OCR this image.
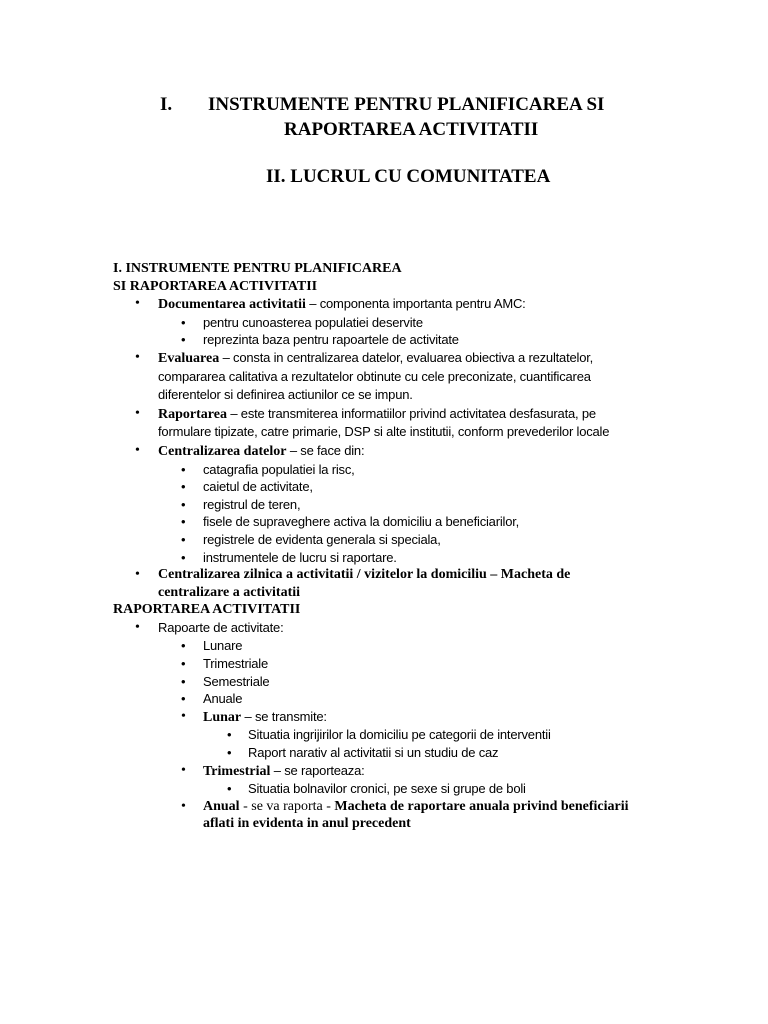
I. INSTRUMENTE PENTRU PLANIFICAREA SI
RAPORTAREA ACTIVITATII
II. LUCRUL CU COMUNITATEA

I. INSTRUMENTE PENTRU PLANIFICAREA

SI RAPORTAREA ACTIVITATII

• Documentarea activitatii – componenta importanta pentru AMC:
• pentru cunoasterea populatiei deservite
• reprezinta baza pentru rapoartele de activitate
• Evaluarea – consta in centralizarea datelor, evaluarea obiectiva a rezultatelor, compararea calitativa a rezultatelor obtinute cu cele preconizate, cuantificarea diferentelor si definirea actiunilor ce se impun.
• Raportarea – este transmiterea informatiilor privind activitatea desfasurata, pe formulare tipizate, catre primarie, DSP si alte institutii, conform prevederilor locale
• Centralizarea datelor – se face din:
• catagrafia populatiei la risc,
• caietul de activitate,
• registrul de teren,
• fisele de supraveghere activa la domiciliu a beneficiarilor,
• registrele de evidenta generala si speciala,
• instrumentele de lucru si raportare.
• Centralizarea zilnica a activitatii / vizitelor la domiciliu – Macheta de centralizare a activitatii

RAPORTAREA ACTIVITATII

• Rapoarte de activitate:
• Lunare
• Trimestriale
• Semestriale
• Anuale
• Lunar – se transmite:
• Situatia ingrijirilor la domiciliu pe categorii de interventii
• Raport narativ al activitatii si un studiu de caz
• Trimestrial – se raporteaza:
• Situatia bolnavilor cronici, pe sexe si grupe de boli
• Anual - se va raporta - Macheta de raportare anuala privind beneficiarii aflati in evidenta in anul precedent
